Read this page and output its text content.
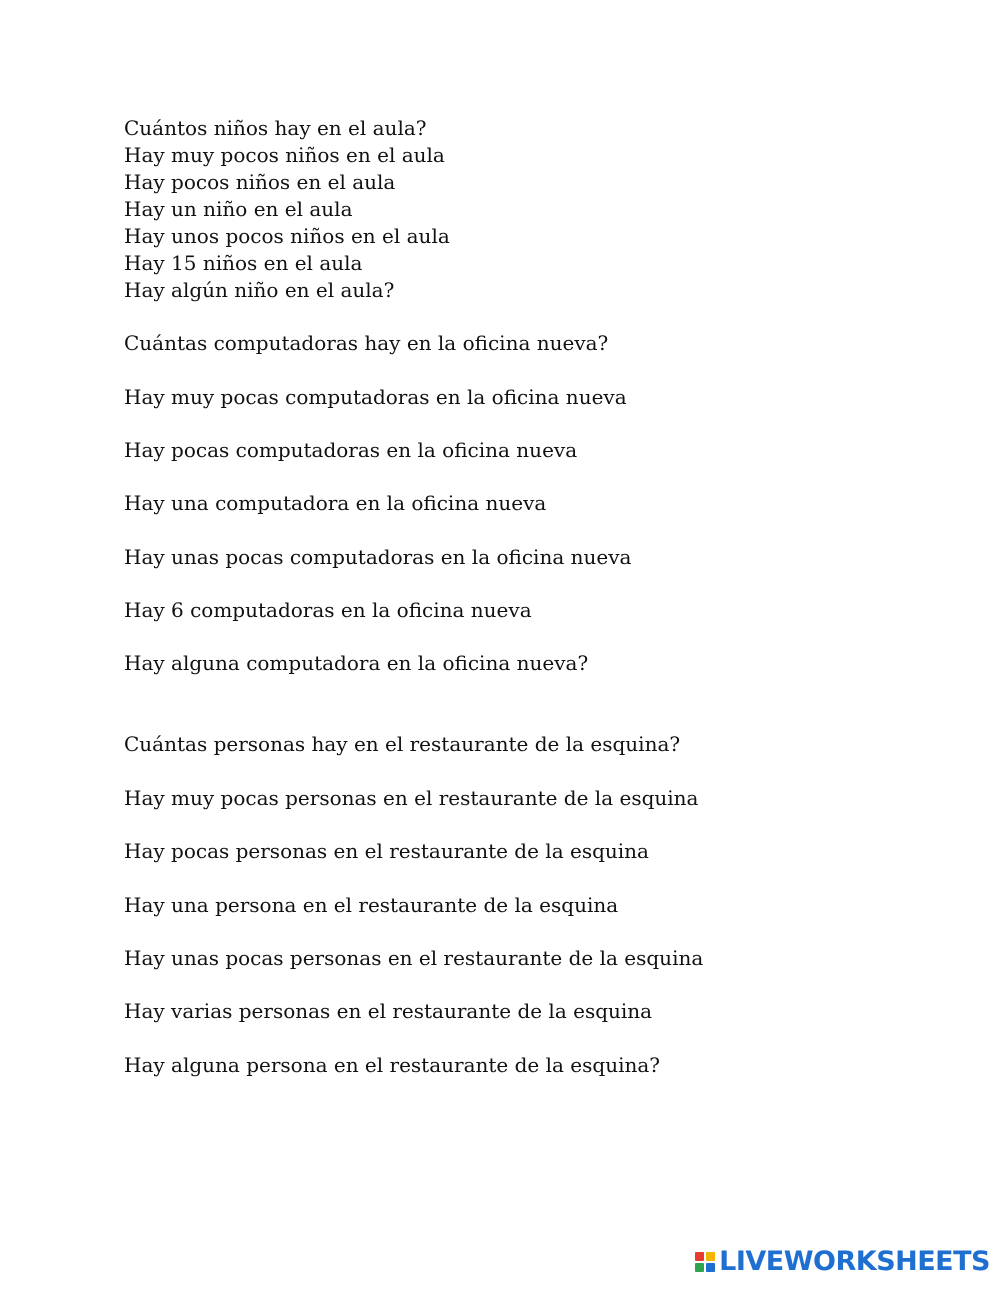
Cuántos niños hay en el aula?
Hay muy pocos niños en el aula
Hay pocos niños en el aula
Hay un niño en el aula
Hay unos pocos niños en el aula
Hay 15 niños en el aula
Hay algún niño en el aula?
Cuántas computadoras hay en la oficina nueva?
Hay muy pocas computadoras en la oficina nueva
Hay pocas computadoras en la oficina nueva
Hay una computadora en la oficina nueva
Hay unas pocas computadoras en la oficina nueva
Hay 6 computadoras en la oficina nueva
Hay alguna computadora en la oficina nueva?
Cuántas personas hay en el restaurante de la esquina?
Hay muy pocas personas en el restaurante de la esquina
Hay pocas personas en el restaurante de la esquina
Hay una persona en el restaurante de la esquina
Hay unas pocas personas en el restaurante de la esquina
Hay varias personas en el restaurante de la esquina
Hay alguna persona en el restaurante de la esquina?
LIVEWORKSHEETS
